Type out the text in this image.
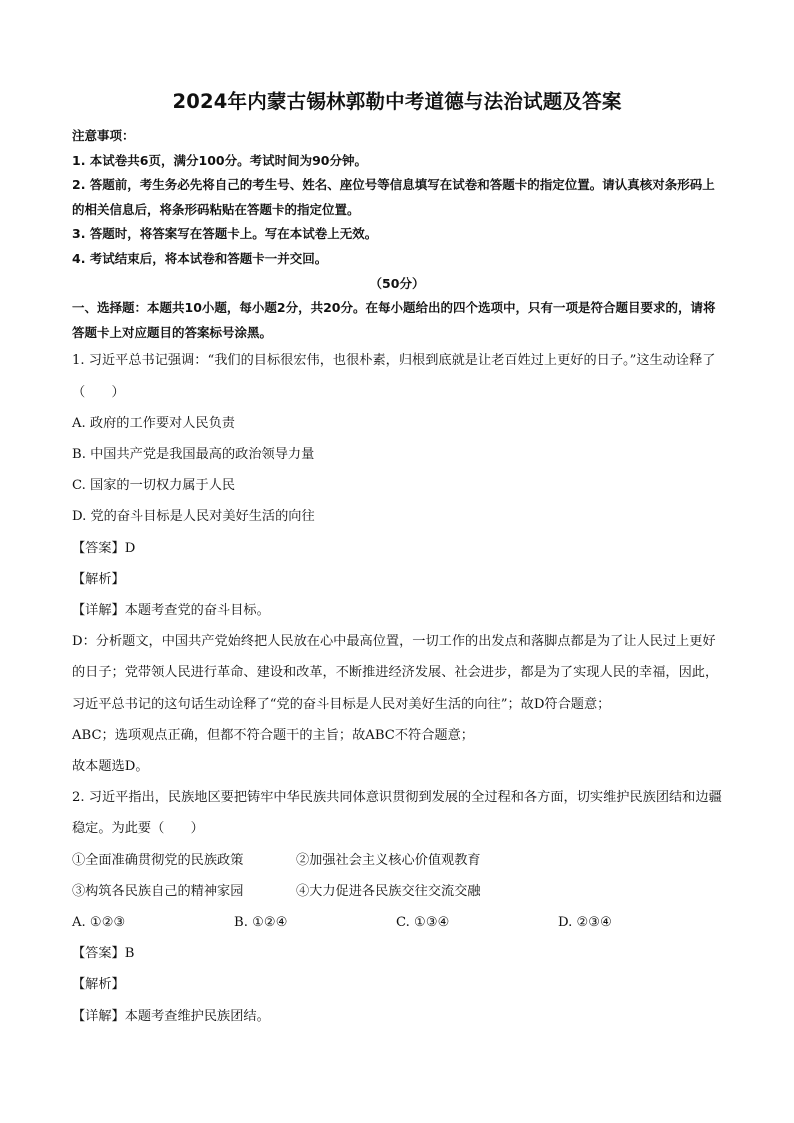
2024年内蒙古锡林郭勒中考道德与法治试题及答案

注意事项：

1. 本试卷共6页，满分100分。考试时间为90分钟。

2. 答题前，考生务必先将自己的考生号、姓名、座位号等信息填写在试卷和答题卡的指定位置。请认真核对条形码上的相关信息后，将条形码粘贴在答题卡的指定位置。

3. 答题时，将答案写在答题卡上。写在本试卷上无效。

4. 考试结束后，将本试卷和答题卡一并交回。

（50分）

一、选择题：本题共10小题，每小题2分，共20分。在每小题给出的四个选项中，只有一项是符合题目要求的，请将答题卡上对应题目的答案标号涂黑。

1. 习近平总书记强调：“我们的目标很宏伟，也很朴素，归根到底就是让老百姓过上更好的日子。”这生动诠释了（　　）

A. 政府的工作要对人民负责

B. 中国共产党是我国最高的政治领导力量

C. 国家的一切权力属于人民

D. 党的奋斗目标是人民对美好生活的向往

【答案】D

【解析】

【详解】本题考查党的奋斗目标。

D：分析题文，中国共产党始终把人民放在心中最高位置，一切工作的出发点和落脚点都是为了让人民过上更好的日子；党带领人民进行革命、建设和改革，不断推进经济发展、社会进步，都是为了实现人民的幸福，因此，习近平总书记的这句话生动诠释了“党的奋斗目标是人民对美好生活的向往”；故D符合题意；

ABC；选项观点正确，但都不符合题干的主旨；故ABC不符合题意；

故本题选D。

2. 习近平指出，民族地区要把铸牢中华民族共同体意识贯彻到发展的全过程和各方面，切实维护民族团结和边疆稳定。为此要（　　）

①全面准确贯彻党的民族政策	②加强社会主义核心价值观教育
③构筑各民族自己的精神家园	④大力促进各民族交往交流交融
A. ①②③	B. ①②④	C. ①③④	D. ②③④

【答案】B

【解析】

【详解】本题考查维护民族团结。
